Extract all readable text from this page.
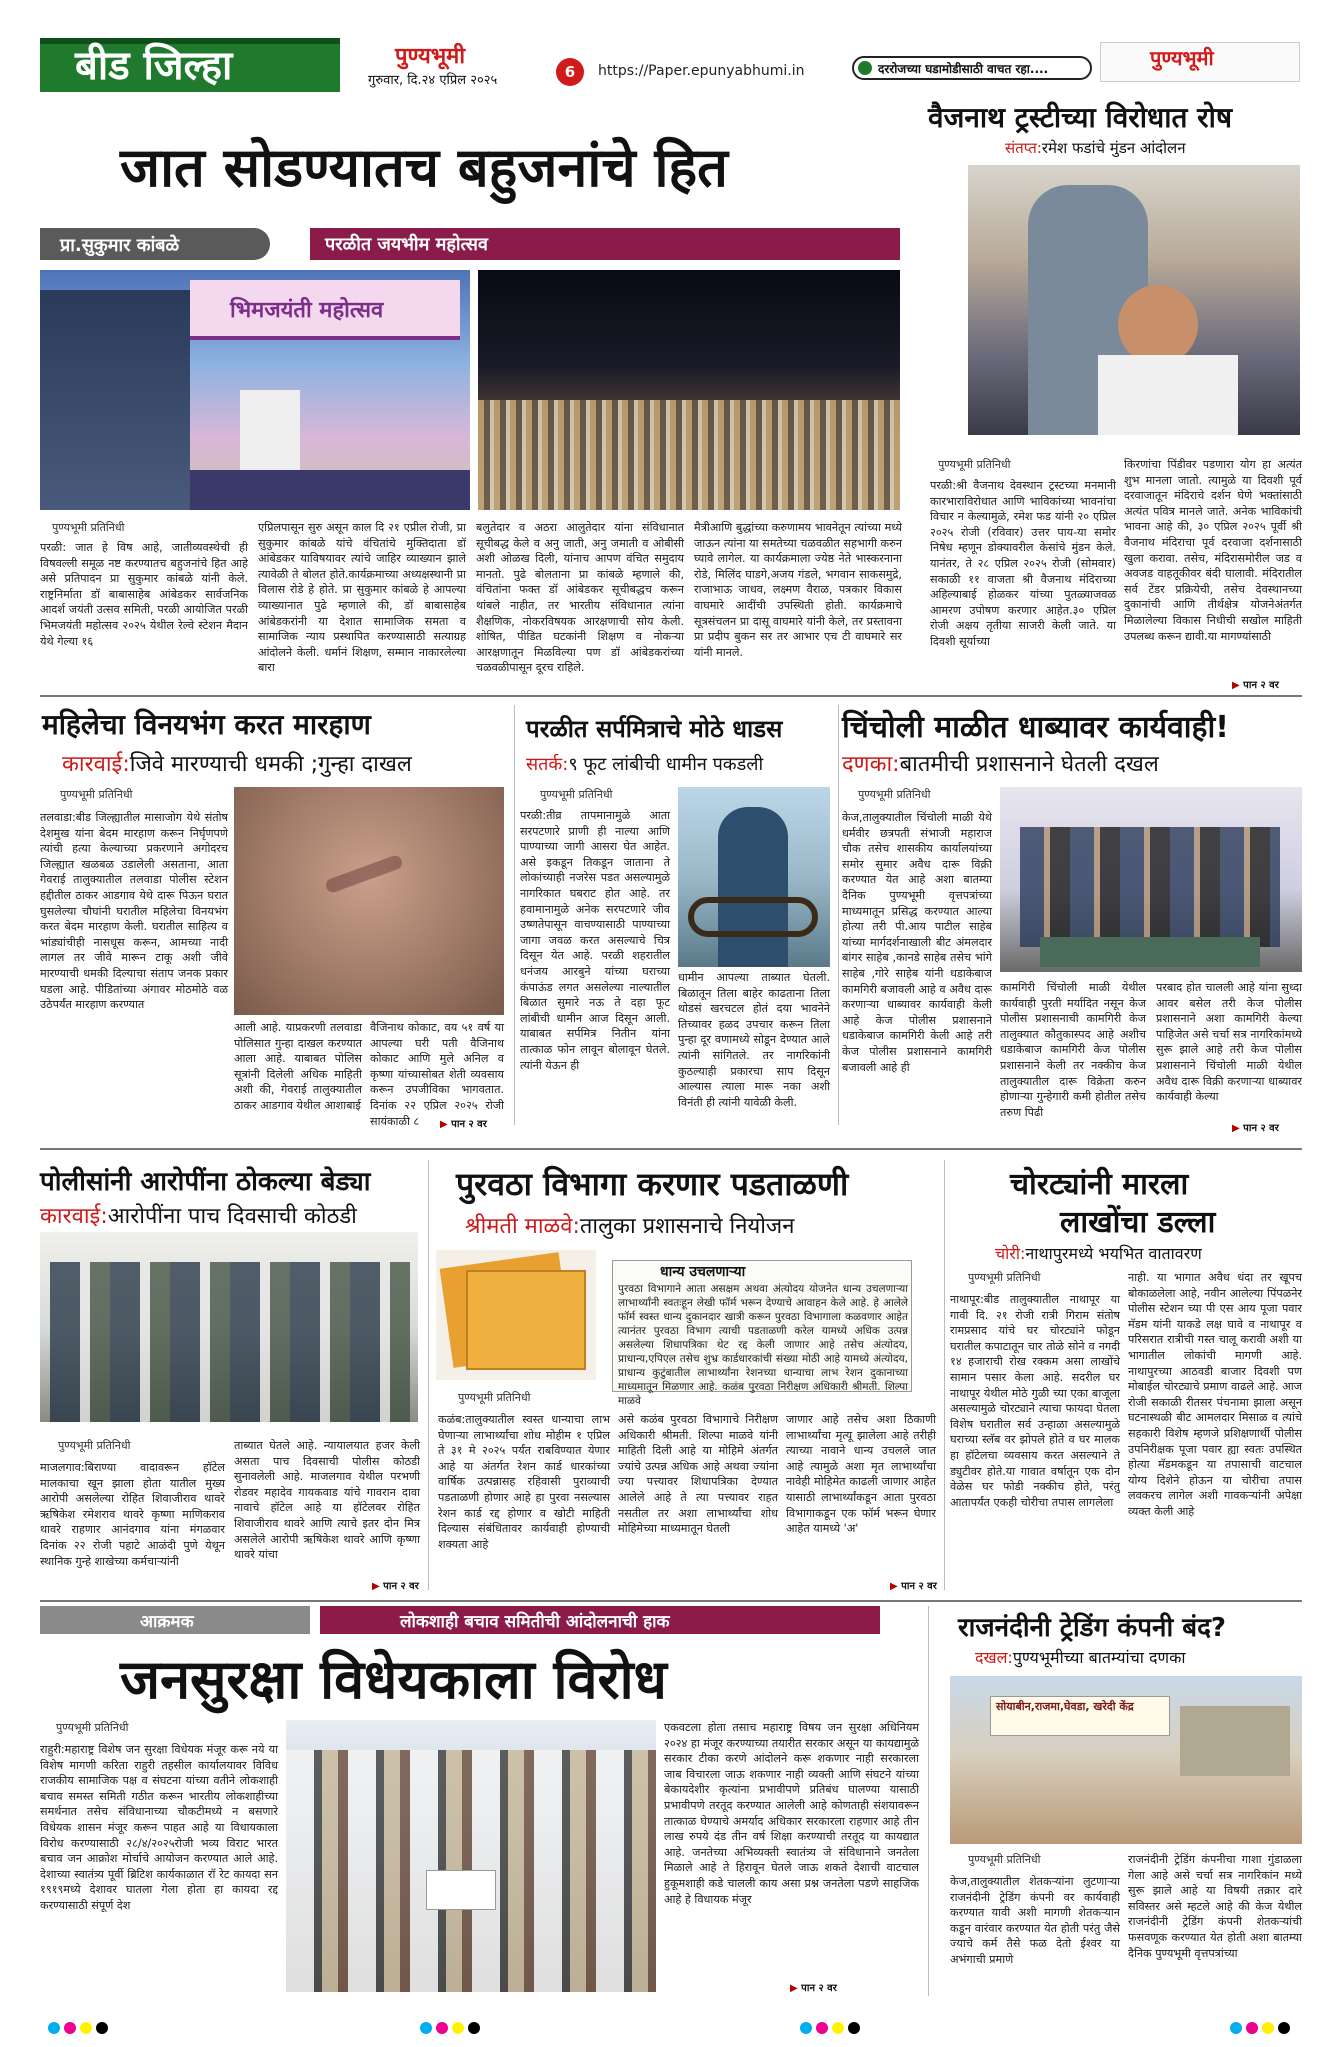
बीड जिल्हा	पुण्यभूमी
गुरुवार, दि.२४ एप्रिल २०२५	6	https://Paper.epunyabhumi.in	दररोजच्या घडामोडीसाठी वाचत रहा....	पुण्यभूमी
जात सोडण्यातच बहुजनांचे हित
प्रा.सुकुमार कांबळे	परळीत जयभीम महोत्सव
भिमजयंती महोत्सव
पुण्यभूमी प्रतिनिधी
परळी: जात हे विष आहे, जातीव्यवस्थेची ही विषवल्ली समूळ नष्ट करण्यातच बहुजनांचे हित आहे असे प्रतिपादन प्रा सुकुमार कांबळे यांनी केले. राष्ट्रनिर्माता डॉ बाबासाहेब आंबेडकर सार्वजनिक आदर्श जयंती उत्सव समिती, परळी आयोजित परळी भिमजयंती महोत्सव २०२५ येथील रेल्वे स्टेशन मैदान येथे गेल्या १६
एप्रिलपासून सुरु असून काल दि २१ एप्रील रोजी, प्रा सुकुमार कांबळे यांचे वंचितांचे मुक्तिदाता डॉ आंबेडकर याविषयावर त्यांचे जाहिर व्याख्यान झाले त्यावेळी ते बोलत होते.कार्यक्रमाच्या अध्यक्षस्थानी प्रा विलास रोडे हे होते. प्रा सुकुमार कांबळे हे आपल्या व्याख्यानात पुढे म्हणाले की, डॉ बाबासाहेब आंबेडकरांनी या देशात सामाजिक समता व सामाजिक न्याय प्रस्थापित करण्यासाठी सत्याग्रह आंदोलने केली. धर्मानं शिक्षण, सम्मान नाकारलेल्या बारा
बलुतेदार व अठरा आलुतेदार यांना संविधानात सूचीबद्ध केले व अनु जाती, अनु जमाती व ओबीसी अशी ओळख दिली, यांनाच आपण वंचित समुदाय मानतो. पुढे बोलताना प्रा कांबळे म्हणाले की, वंचितांना फक्त डॉ आंबेडकर सूचीबद्धच करून थांबले नाहीत, तर भारतीय संविधानात त्यांना शैक्षणिक, नोकरविषयक आरक्षणाची सोय केली. शोषित, पीडित घटकांनी शिक्षण व नोकऱ्या आरक्षणातून मिळविल्या पण डॉ आंबेडकरांच्या चळवळीपासून दूरच राहिले.
मैत्रीआणि बुद्धांच्या करुणामय भावनेतून त्यांच्या मध्ये जाऊन त्यांना या समतेच्या चळवळीत सहभागी करुन घ्यावे लागेल. या कार्यक्रमाला ज्येष्ठ नेते भास्करनाना रोडे, मिलिंद घाडगे,अजय गंडले, भगवान साकसमुद्रे, राजाभाऊ जाधव, लक्ष्मण वैराळ, पत्रकार विकास वाघमारे आदींची उपस्थिती होती. कार्यक्रमाचे सूत्रसंचलन प्रा दासू वाघमारे यांनी केले, तर प्रस्तावना प्रा प्रदीप बुकन सर तर आभार एच टी वाघमारे सर यांनी मानले.
वैजनाथ ट्रस्टीच्या विरोधात रोष
संतप्त:रमेश फडांचे मुंडन आंदोलन
पुण्यभूमी प्रतिनिधी
परळी:श्री वैजनाथ देवस्थान ट्रस्टच्या मनमानी कारभाराविरोधात आणि भाविकांच्या भावनांचा विचार न केल्यामुळे, रमेश फड यांनी २० एप्रिल २०२५ रोजी (रविवार) उत्तर पाय-या समोर निषेध म्हणून डोक्यावरील केसांचे मुंडन केले. यानंतर, ते २८ एप्रिल २०२५ रोजी (सोमवार) सकाळी ११ वाजता श्री वैजनाथ मंदिराच्या अहिल्याबाई होळकर यांच्या पुतळ्याजवळ आमरण उपोषण करणार आहेत.३० एप्रिल रोजी अक्षय तृतीया साजरी केली जाते. या दिवशी सूर्याच्या
किरणांचा पिंडीवर पडणारा योग हा अत्यंत शुभ मानला जातो. त्यामुळे या दिवशी पूर्व दरवाजातून मंदिराचे दर्शन घेणे भक्तांसाठी अत्यंत पवित्र मानले जाते. अनेक भाविकांची भावना आहे की, ३० एप्रिल २०२५ पूर्वी श्री वैजनाथ मंदिराचा पूर्व दरवाजा दर्शनासाठी खुला करावा. तसेच, मंदिरासमोरील जड व अवजड वाहतूकीवर बंदी घालावी. मंदिरातील सर्व टेंडर प्रक्रियेची, तसेच देवस्थानच्या दुकानांची आणि तीर्थक्षेत्र योजनेअंतर्गत मिळालेल्या विकास निधीची सखोल माहिती उपलब्ध करून द्यावी.या मागण्यांसाठी
▶ पान २ वर
महिलेचा विनयभंग करत मारहाण
कारवाई:जिवे मारण्याची धमकी ;गुन्हा दाखल
पुण्यभूमी प्रतिनिधी
तलवाडा:बीड जिल्ह्यातील मासाजोग येथे संतोष देशमुख यांना बेदम मारहाण करून निर्घृणपणे त्यांची हत्या केल्याच्या प्रकरणाने अगोदरच जिल्ह्यात खळबळ उडालेली असताना, आता गेवराई तालुक्यातील तलवाडा पोलीस स्टेशन हद्दीतील ठाकर आडगाव येथे दारू पिऊन घरात घुसलेल्या चौघांनी घरातील महिलेचा विनयभंग करत बेदम मारहाण केली. घरातील साहित्य व भांड्यांचीही नासधूस करून, आमच्या नादी लागल तर जीवे मारून टाकू अशी जीवे मारण्याची धमकी दिल्याचा संताप जनक प्रकार घडला आहे. पीडितांच्या अंगावर मोठमोठे वळ उठेपर्यंत मारहाण करण्यात
आली आहे. याप्रकरणी तलवाडा पोलिसात गुन्हा दाखल करण्यात आला आहे. याबाबत पोलिस सूत्रांनी दिलेली अधिक माहिती अशी की, गेवराई तालुक्यातील ठाकर आडगाव येथील आशाबाई
वैजिनाथ कोकाट, वय ५१ वर्ष या आपल्या घरी पती वैजिनाथ कोकाट आणि मुले अनिल व कृष्णा यांच्यासोबत शेती व्यवसाय करून उपजीविका भागवतात. दिनांक २२ एप्रिल २०२५ रोजी सायंकाळी ८
▶	पान २ वर
परळीत सर्पमित्राचे मोठे धाडस
सतर्क:९ फूट लांबीची धामीन पकडली
पुण्यभूमी प्रतिनिधी
परळी:तीव्र तापमानामुळे आता सरपटणारे प्राणी ही नाल्या आणि पाण्याच्या जागी आसरा घेत आहेत. असे इकडून तिकडून जाताना ते लोकांच्याही नजरेस पडत असल्यामुळे नागरिकात घबराट होत आहे. तर हवामानामुळे अनेक सरपटणारे जीव उष्णतेपासून वाचण्यासाठी पाण्याच्या जागा जवळ करत असल्याचे चित्र दिसून येत आहे. परळी शहरातील धनंजय आरबुने यांच्या घराच्या कंपाऊंड लगत असलेल्या नाल्यातील बिळात सुमारे नऊ ते दहा फूट लांबीची धामीन आज दिसून आली. याबाबत सर्पमित्र नितीन यांना तात्काळ फोन लावून बोलावून घेतले. त्यांनी येऊन ही
धामीन आपल्या ताब्यात घेतली. बिळातून तिला बाहेर काढताना तिला थोडसं खरचटल होतं दया भावनेने तिच्यावर हळद उपचार करून तिला पुन्हा दूर वणामध्ये सोडून देण्यात आले त्यांनी सांगितले. तर नागरिकांनी कुठल्याही प्रकारचा साप दिसून आल्यास त्याला मारू नका अशी विनंती ही त्यांनी यावेळी केली.
चिंचोली माळीत धाब्यावर कार्यवाही!
दणका:बातमीची प्रशासनाने घेतली दखल
पुण्यभूमी प्रतिनिधी
केज,तालुक्यातील चिंचोली माळी येथे धर्मवीर छत्रपती संभाजी महाराज चौक तसेच शासकीय कार्यालयांच्या समोर सुमार अवैध दारू विक्री करण्यात येत आहे अशा बातम्या दैनिक पुण्यभूमी वृत्तपत्रांच्या माध्यमातून प्रसिद्ध करण्यात आल्या होत्या तरी पी.आय पाटील साहेब यांच्या मार्गदर्शनाखाली बीट अंमलदार बांगर साहेब ,कानडे साहेब तसेच भांगे साहेब ,गोरे साहेब यांनी धडाकेबाज कामगिरी बजावली आहे व अवैध दारू करणाऱ्या धाब्यावर कार्यवाही केली आहे केज पोलीस प्रशासनाने धडाकेबाज कामगिरी केली आहे तरी केज पोलीस प्रशासनाने कामगिरी बजावली आहे ही
कामगिरी चिंचोली माळी येथील कार्यवाही पुरती मर्यादित नसून केज पोलीस प्रशासनाची कामगिरी केज तालुक्यात कौतुकास्पद आहे अशीच धडाकेबाज कामगिरी केज पोलीस प्रशासनाने केली तर नक्कीच केज तालुक्यातील दारू विक्रेता करुन होणाऱ्या गुन्हेगारी कमी होतील तसेच तरुण पिढी
परबाद होत चालली आहे यांना सुध्दा आवर बसेल तरी केज पोलीस प्रशासनाने अशा कामगिरी केल्या पाहिजेत असे चर्चा सत्र नागरिकांमध्ये सुरू झाले आहे तरी केज पोलीस प्रशासनाने चिंचोली माळी येथील अवैध दारू विक्री करणाऱ्या धाब्यावर कार्यवाही केल्या
▶ पान २ वर
पोलीसांनी आरोपींना ठोकल्या बेड्या
कारवाई:आरोपींना पाच दिवसाची कोठडी
पुण्यभूमी प्रतिनिधी
माजलगाव:बिराण्या वादावरून हॉटेल मालकाचा खून झाला होता यातील मुख्य आरोपी असलेल्या रोहित शिवाजीराव थावरे ऋषिकेश रमेशराव थावरे कृष्णा माणिकराव थावरे राहणार आनंदगाव यांना मंगळवार दिनांक २२ रोजी पहाटे आळंदी पुणे येथून स्थानिक गुन्हे शाखेच्या कर्मचाऱ्यांनी
ताब्यात घेतले आहे. न्यायालयात हजर केली असता पाच दिवसाची पोलीस कोठडी सुनावलेली आहे. माजलगाव येथील परभणी रोडवर महादेव गायकवाड यांचे गावरान दावा नावाचे हॉटेल आहे या हॉटेलवर रोहित शिवाजीराव थावरे आणि त्याचे इतर दोन मित्र असलेले आरोपी ऋषिकेश थावरे आणि कृष्णा थावरे यांचा
▶ पान २ वर
पुरवठा विभागा करणार पडताळणी
श्रीमती माळवे:तालुका प्रशासनाचे नियोजन
धान्य उचलणाऱ्या
पुरवठा विभागाने आता असक्षम अथवा अंत्योदय योजनेत धान्य उचलणाऱ्या लाभार्थ्यांनी स्वतःहून लेखी फॉर्म भरून देण्याचे आवाहन केले आहे. हे आलेले फॉर्म स्वस्त धान्य दुकानदार खात्री करून पुरवठा विभागाला कळवणार आहेत त्यानंतर पुरवठा विभाग त्याची पडताळणी करेल यामध्ये अधिक उत्पन्न असलेल्या शिधापत्रिका थेट रद्द केली जाणार आहे तसेच अंत्योदय, प्राधान्य,एपिएल तसेच शुभ्र कार्डधारकांची संख्या मोठी आहे यामध्ये अंत्योदय, प्राधान्य कुटुंबातील लाभार्थ्यांना रेशनच्या धान्याचा लाभ रेशन दुकानाच्या माध्यमातून मिळणार आहे. कळंब पुरवठा निरीक्षण अधिकारी श्रीमती. शिल्पा माळवे
पुण्यभूमी प्रतिनिधी
कळंब:तालुक्यातील स्वस्त धान्याचा लाभ घेणाऱ्या लाभार्थ्यांचा शोध मोहीम १ एप्रिल ते ३१ मे २०२५ पर्यंत राबविण्यात येणार आहे या अंतर्गत रेशन कार्ड धारकांच्या वार्षिक उत्पन्नासह रहिवासी पुराव्याची पडताळणी होणार आहे हा पुरवा नसल्यास रेशन कार्ड रद्द होणार व खोटी माहिती दिल्यास संबंधितावर कार्यवाही होण्याची शक्यता आहे
असे कळंब पुरवठा विभागाचे निरीक्षण अधिकारी श्रीमती. शिल्पा माळवे यांनी माहिती दिली आहे या मोहिमे अंतर्गत ज्यांचे उत्पन्न अधिक आहे अथवा ज्यांना ज्या पत्त्यावर शिधापत्रिका देण्यात आलेले आहे ते त्या पत्त्यावर राहत नसतील तर अशा लाभार्थ्यांचा शोध मोहिमेच्या माध्यमातून घेतली
जाणार आहे तसेच अशा ठिकाणी लाभार्थ्यांचा मृत्यू झालेला आहे तरीही त्याच्या नावाने धान्य उचलले जात आहे त्यामुळे अशा मृत लाभार्थ्यांचा नावेही मोहिमेत काढली जाणार आहेत यासाठी लाभार्थ्यांकडून आता पुरवठा विभागाकडून एक फॉर्म भरून घेणार आहेत यामध्ये 'अ'
▶ पान २ वर
चोरट्यांनी मारला
लाखोंचा डल्ला
चोरी:नाथापुरमध्ये भयभित वातावरण
पुण्यभूमी प्रतिनिधी
नाथापूर:बीड तालुक्यातील नाथापूर या गावी दि. २१ रोजी रात्री गिराम संतोष रामप्रसाद यांचे घर चोरट्यांने फोडून घरातील कपाटातून चार तोळे सोने व नगदी १४ हजाराची रोख रक्कम असा लाखोंचे सामान पसार केला आहे. सदरील घर नाथापूर येथील मोठे गुळी च्या एका बाजूला असल्यामुळे चोरट्याने त्याचा फायदा घेतला विशेष घरातील सर्व उन्हाळा असल्यामुळे घराच्या स्लॅब वर झोपले होते व घर मालक हा हॉटेलचा व्यवसाय करत असल्याने ते ड्युटीवर होते.या गावात वर्षातून एक दोन वेळेस घर फोडी नक्कीच होते, परंतु आतापर्यंत एकही चोरीचा तपास लागलेला
नाही. या भागात अवैध धंदा तर खूपच बोकाळलेला आहे, नवीन आलेल्या पिंपळनेर पोलीस स्टेशन च्या पी एस आय पूजा पवार मॅडम यांनी याकडे लक्ष घावे व नाथापूर व परिसरात रात्रीची गस्त चालू करावी अशी या भागातील लोकांची मागणी आहे. नाथापुरच्या आठवडी बाजार दिवशी पण मोबाईल चोरट्याचे प्रमाण वाढले आहे. आज रोजी सकाळी रीतसर पंचनामा झाला असून घटनास्थळी बीट आमलदार मिसाळ व त्यांचे सहकारी विशेष म्हणजे प्रशिक्षणार्थी पोलीस उपनिरीक्षक पूजा पवार ह्या स्वतः उपस्थित होत्या मॅडमकडून या तपासाची वाटचाल योग्य दिशेने होऊन या चोरीचा तपास लवकरच लागेल अशी गावकऱ्यांनी अपेक्षा व्यक्त केली आहे
आक्रमक	लोकशाही बचाव समितीची आंदोलनाची हाक
जनसुरक्षा विधेयकाला विरोध
पुण्यभूमी प्रतिनिधी
राहुरी:महाराष्ट्र विशेष जन सुरक्षा विधेयक मंजूर करू नये या विशेष मागणी करिता राहुरी तहसील कार्यालयावर विविध राजकीय सामाजिक पक्ष व संघटना यांच्या वतीने लोकशाही बचाव समस्त समिती गठीत करून भारतीय लोकशाहीच्या समर्थनात तसेच संविधानाच्या चौकटीमध्ये न बसणारे विधेयक शासन मंजूर करून पाहत आहे या विधायकाला विरोध करण्यासाठी २८/४/२०२५रोजी भव्य विराट भारत बचाव जन आक्रोश मोर्चाचे आयोजन करण्यात आले आहे. देशाच्या स्वातंत्र्य पूर्वी ब्रिटिश कार्यकाळात रॉ रेट कायदा सन १९१९मध्ये देशावर घातला गेला होता हा कायदा रद्द करण्यासाठी संपूर्ण देश
एकवटला होता तसाच महाराष्ट्र विषय जन सुरक्षा अधिनियम २०२४ हा मंजूर करण्याच्या तयारीत सरकार असून या कायद्यामुळे सरकार टीका करणे आंदोलने करू शकणार नाही सरकारला जाब विचारला जाऊ शकणार नाही व्यक्ती आणि संघटने यांच्या बेकायदेशीर कृत्यांना प्रभावीपणे प्रतिबंध घालण्या यासाठी प्रभावीपणे तरतूद करण्यात आलेली आहे कोणताही संशयावरून तात्काळ घेण्याचे अमर्याद अधिकार सरकारला राहणार आहे तीन लाख रुपये दंड तीन वर्ष शिक्षा करण्याची तरतूद या कायद्यात आहे. जनतेच्या अभिव्यक्ती स्वातंत्र्य जे संविधानाने जनतेला मिळाले आहे ते हिरावून घेतले जाऊ शकते देशाची वाटचाल हुकूमशाही कडे चालली काय असा प्रश्न जनतेला पडणे साहजिक आहे हे विधायक मंजूर
▶ पान २ वर
राजनंदीनी ट्रेडिंग कंपनी बंद?
दखल:पुण्यभूमीच्या बातम्यांचा दणका
सोयाबीन,राजमा,घेवडा, खरेदी केंद्र
पुण्यभूमी प्रतिनिधी
केज,तालुक्यातील शेतकऱ्यांना लुटणाऱ्या राजनंदीनी ट्रेडिंग कंपनी वर कार्यवाही करण्यात यावी अशी मागणी शेतकऱ्यान कडून वारंवार करण्यात येत होती परंतु जैसे ज्याचे कर्म तैसे फळ देतो ईश्वर या अभंगाची प्रमाणे
राजनंदीनी ट्रेडिंग कंपनीचा गाशा गुंडाळला गेला आहे असे चर्चा सत्र नागरिकांन मध्ये सुरू झाले आहे या विषयी तक्रार दारे सविस्तर असे म्हटले आहे की केज येथील राजनंदीनी ट्रेडिंग कंपनी शेतकऱ्यांची फसवणूक करण्यात येत होती अशा बातम्या दैनिक पुण्यभूमी वृत्तपत्रांच्या
